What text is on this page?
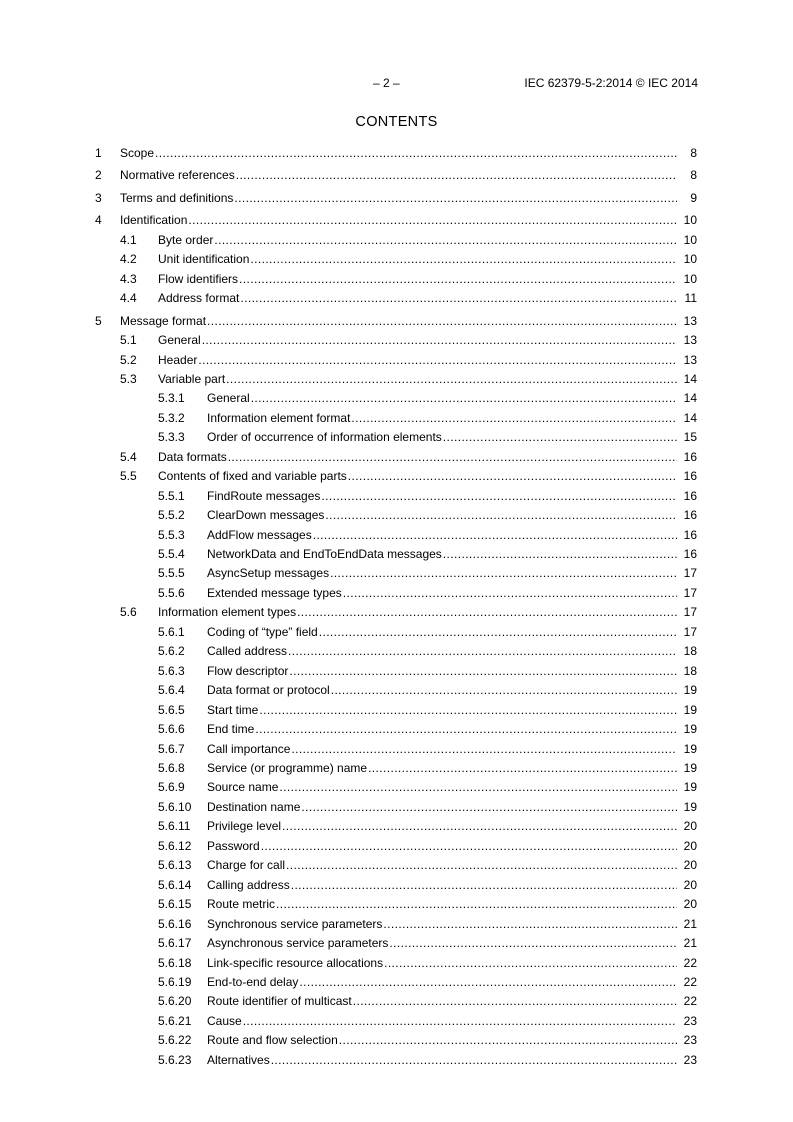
– 2 –	IEC 62379-5-2:2014 © IEC 2014
CONTENTS
1 Scope .....	8
2 Normative references .....	8
3 Terms and definitions .....	9
4 Identification .....	10
4.1 Byte order .....	10
4.2 Unit identification .....	10
4.3 Flow identifiers .....	10
4.4 Address format .....	11
5 Message format .....	13
5.1 General .....	13
5.2 Header .....	13
5.3 Variable part .....	14
5.3.1 General .....	14
5.3.2 Information element format .....	14
5.3.3 Order of occurrence of information elements .....	15
5.4 Data formats .....	16
5.5 Contents of fixed and variable parts .....	16
5.5.1 FindRoute messages .....	16
5.5.2 ClearDown messages .....	16
5.5.3 AddFlow messages .....	16
5.5.4 NetworkData and EndToEndData messages .....	16
5.5.5 AsyncSetup messages .....	17
5.5.6 Extended message types .....	17
5.6 Information element types .....	17
5.6.1 Coding of “type” field .....	17
5.6.2 Called address .....	18
5.6.3 Flow descriptor .....	18
5.6.4 Data format or protocol .....	19
5.6.5 Start time .....	19
5.6.6 End time .....	19
5.6.7 Call importance .....	19
5.6.8 Service (or programme) name .....	19
5.6.9 Source name .....	19
5.6.10 Destination name .....	19
5.6.11 Privilege level .....	20
5.6.12 Password .....	20
5.6.13 Charge for call .....	20
5.6.14 Calling address .....	20
5.6.15 Route metric .....	20
5.6.16 Synchronous service parameters .....	21
5.6.17 Asynchronous service parameters .....	21
5.6.18 Link-specific resource allocations .....	22
5.6.19 End-to-end delay .....	22
5.6.20 Route identifier of multicast .....	22
5.6.21 Cause .....	23
5.6.22 Route and flow selection .....	23
5.6.23 Alternatives .....	23
